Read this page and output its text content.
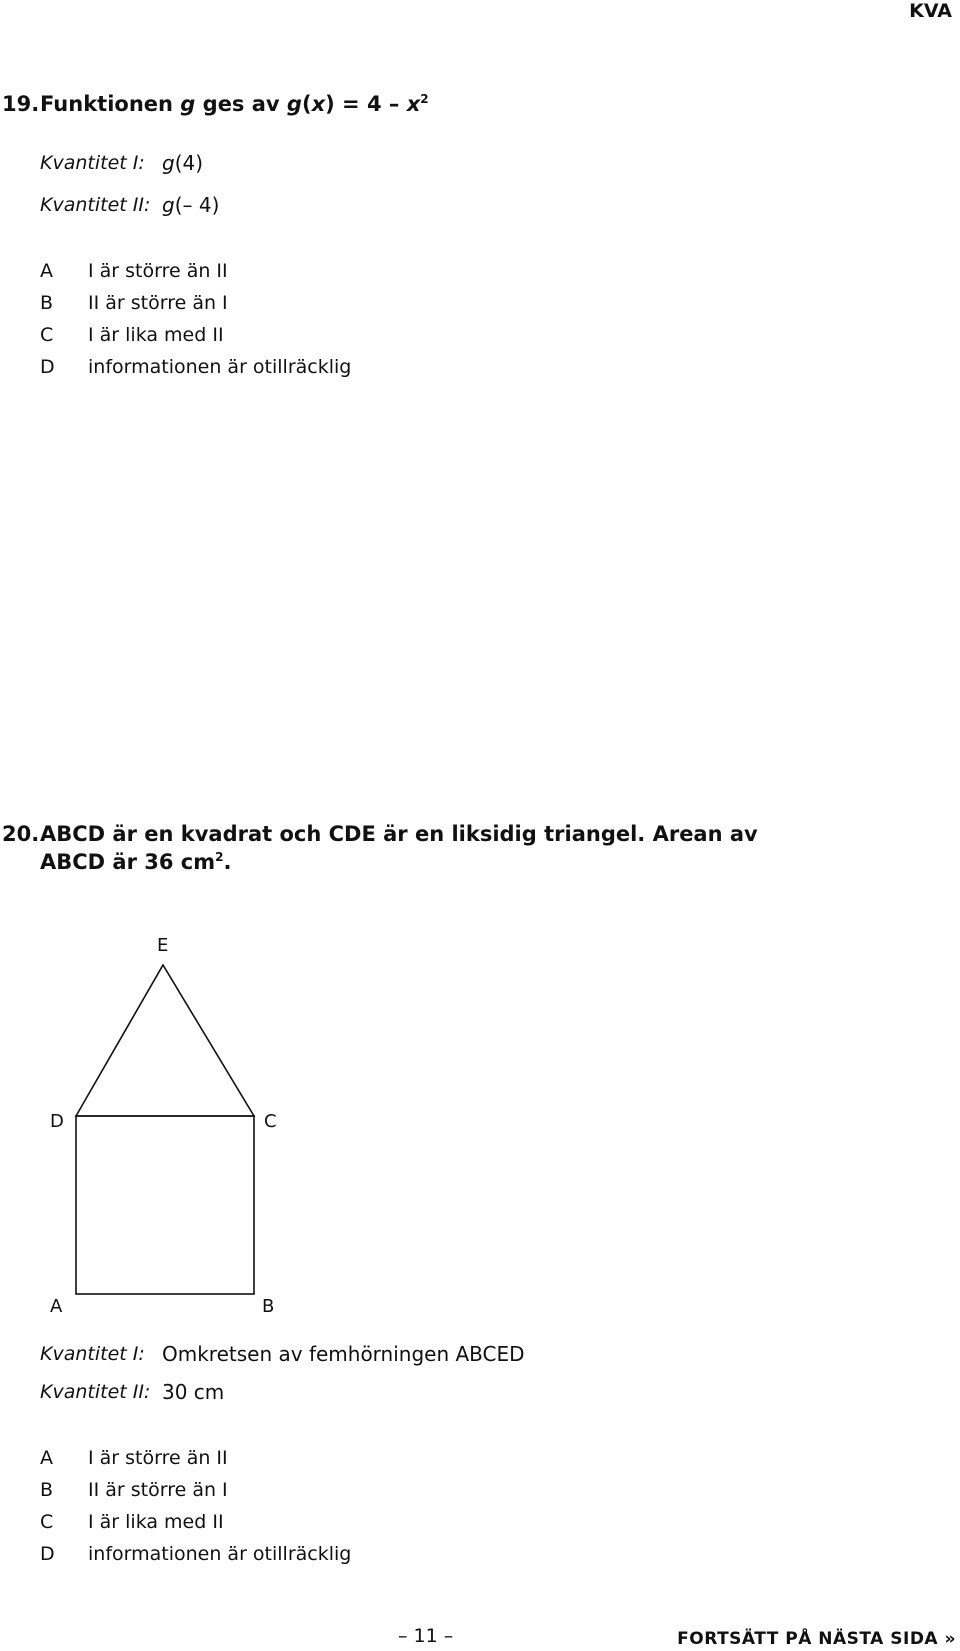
KVA
19. Funktionen g ges av $g(x) = 4 - x^2$
Kvantitet I: g(4)
Kvantitet II: g(– 4)
A I är större än II
B II är större än I
C I är lika med II
D informationen är otillräcklig
20. ABCD är en kvadrat och CDE är en liksidig triangel. Arean av
ABCD är 36 $cm^2$.
E
D	C
A	B
Kvantitet I: Omkretsen av femhörningen ABCED
Kvantitet II: 30 cm
A I är större än II
B II är större än I
C I är lika med II
D informationen är otillräcklig
– 11 –	FORTSÄTT PÅ NÄSTA SIDA »
